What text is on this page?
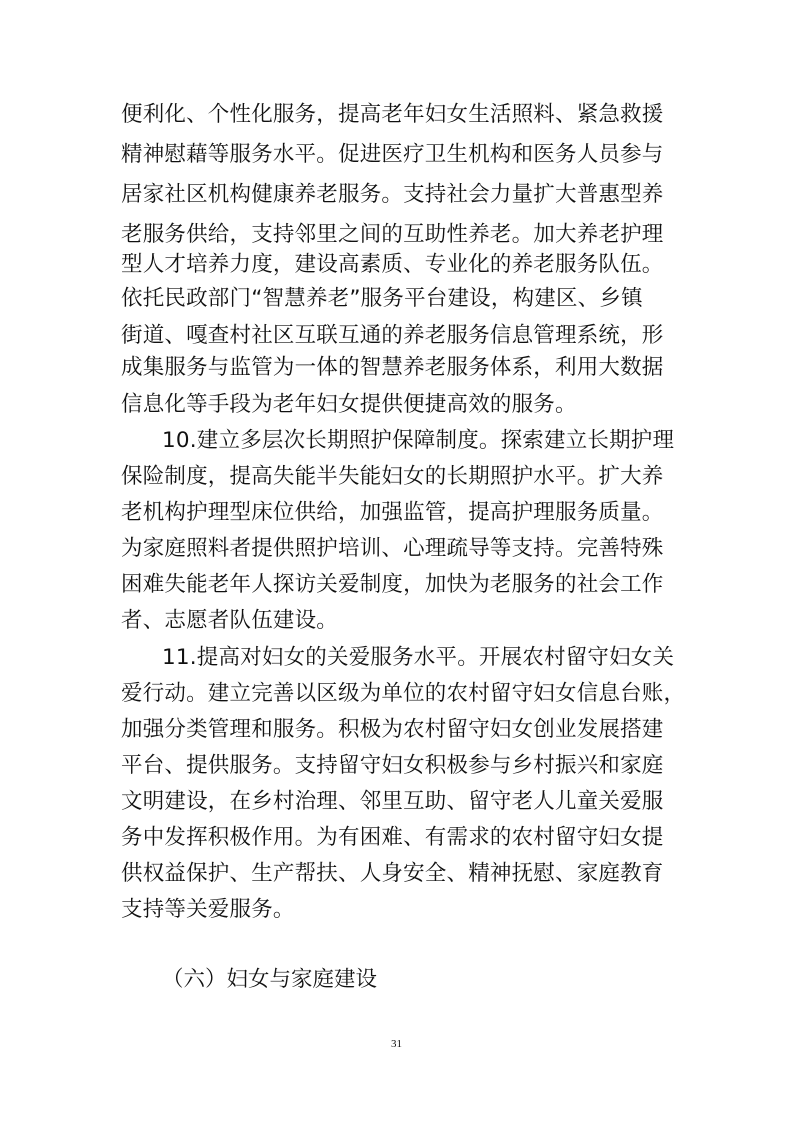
便利化、个性化服务，提高老年妇女生活照料、紧急救援
精神慰藉等服务水平。促进医疗卫生机构和医务人员参与
居家社区机构健康养老服务。支持社会力量扩大普惠型养
老服务供给，支持邻里之间的互助性养老。加大养老护理
型人才培养力度，建设高素质、专业化的养老服务队伍。
依托民政部门“智慧养老”服务平台建设，构建区、乡镇
街道、嘎查村社区互联互通的养老服务信息管理系统，形
成集服务与监管为一体的智慧养老服务体系，利用大数据
信息化等手段为老年妇女提供便捷高效的服务。
10.建立多层次长期照护保障制度。探索建立长期护理
保险制度，提高失能半失能妇女的长期照护水平。扩大养
老机构护理型床位供给，加强监管，提高护理服务质量。
为家庭照料者提供照护培训、心理疏导等支持。完善特殊
困难失能老年人探访关爱制度，加快为老服务的社会工作
者、志愿者队伍建设。
11.提高对妇女的关爱服务水平。开展农村留守妇女关
爱行动。建立完善以区级为单位的农村留守妇女信息台账，
加强分类管理和服务。积极为农村留守妇女创业发展搭建
平台、提供服务。支持留守妇女积极参与乡村振兴和家庭
文明建设，在乡村治理、邻里互助、留守老人儿童关爱服
务中发挥积极作用。为有困难、有需求的农村留守妇女提
供权益保护、生产帮扶、人身安全、精神抚慰、家庭教育
支持等关爱服务。
（六）妇女与家庭建设
31
